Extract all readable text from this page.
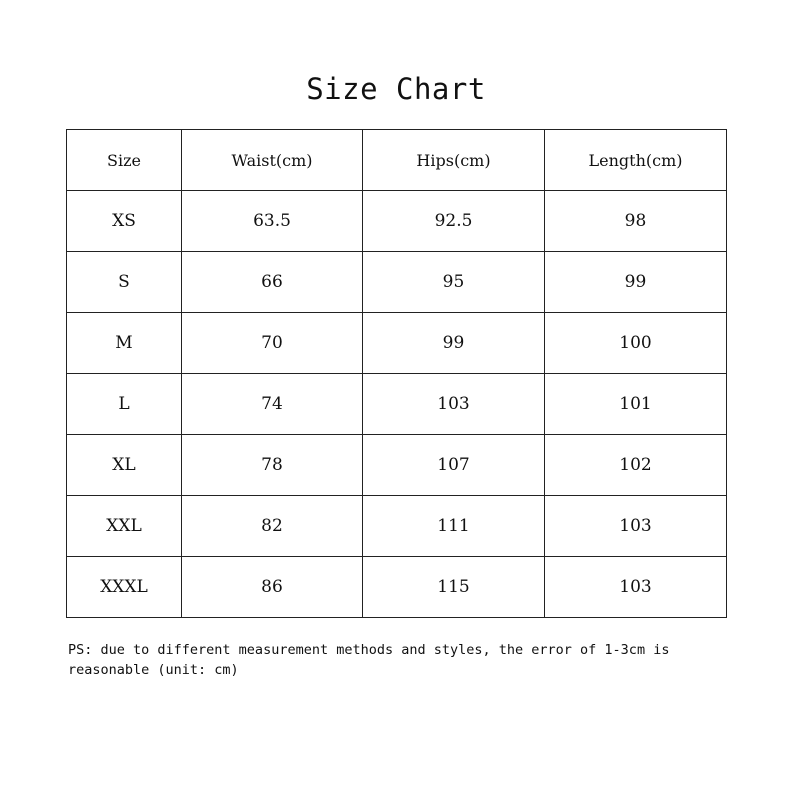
Size Chart
Size	Waist(cm)	Hips(cm)	Length(cm)
XS	63.5	92.5	98
S	66	95	99
M	70	99	100
L	74	103	101
XL	78	107	102
XXL	82	111	103
XXXL	86	115	103
PS: due to different measurement methods and styles, the error of 1-3cm is reasonable (unit: cm)
